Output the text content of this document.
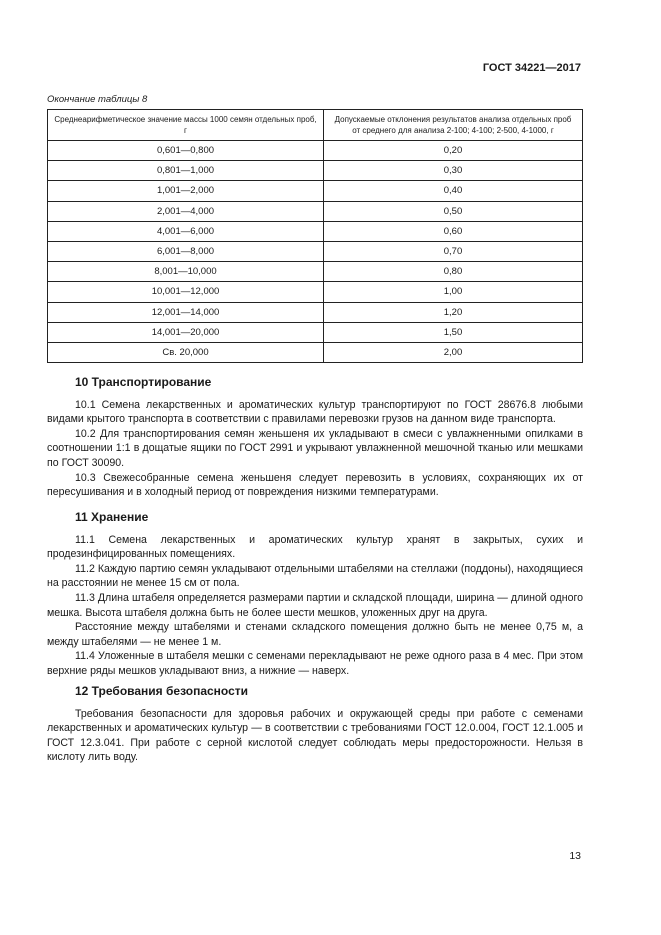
ГОСТ 34221—2017
Окончание таблицы 8
Среднеарифметическое значение массы 1000 семян отдельных проб, г	Допускаемые отклонения результатов анализа отдельных проб от среднего для анализа 2-100; 4-100; 2-500, 4-1000, г
0,601—0,800	0,20
0,801—1,000	0,30
1,001—2,000	0,40
2,001—4,000	0,50
4,001—6,000	0,60
6,001—8,000	0,70
8,001—10,000	0,80
10,001—12,000	1,00
12,001—14,000	1,20
14,001—20,000	1,50
Св. 20,000	2,00
10 Транспортирование

10.1 Семена лекарственных и ароматических культур транспортируют по ГОСТ 28676.8 любыми видами крытого транспорта в соответствии с правилами перевозки грузов на данном виде транспорта.

10.2 Для транспортирования семян женьшеня их укладывают в смеси с увлажненными опилками в соотношении 1:1 в дощатые ящики по ГОСТ 2991 и укрывают увлажненной мешочной тканью или мешками по ГОСТ 30090.

10.3 Свежесобранные семена женьшеня следует перевозить в условиях, сохраняющих их от пересушивания и в холодный период от повреждения низкими температурами.

11 Хранение

11.1 Семена лекарственных и ароматических культур хранят в закрытых, сухих и продезинфицированных помещениях.

11.2 Каждую партию семян укладывают отдельными штабелями на стеллажи (поддоны), находящиеся на расстоянии не менее 15 см от пола.

11.3 Длина штабеля определяется размерами партии и складской площади, ширина — длиной одного мешка. Высота штабеля должна быть не более шести мешков, уложенных друг на друга.

Расстояние между штабелями и стенами складского помещения должно быть не менее 0,75 м, а между штабелями — не менее 1 м.

11.4 Уложенные в штабеля мешки с семенами перекладывают не реже одного раза в 4 мес. При этом верхние ряды мешков укладывают вниз, а нижние — наверх.

12 Требования безопасности

Требования безопасности для здоровья рабочих и окружающей среды при работе с семенами лекарственных и ароматических культур — в соответствии с требованиями ГОСТ 12.0.004, ГОСТ 12.1.005 и ГОСТ 12.3.041. При работе с серной кислотой следует соблюдать меры предосторожности. Нельзя в кислоту лить воду.

13
